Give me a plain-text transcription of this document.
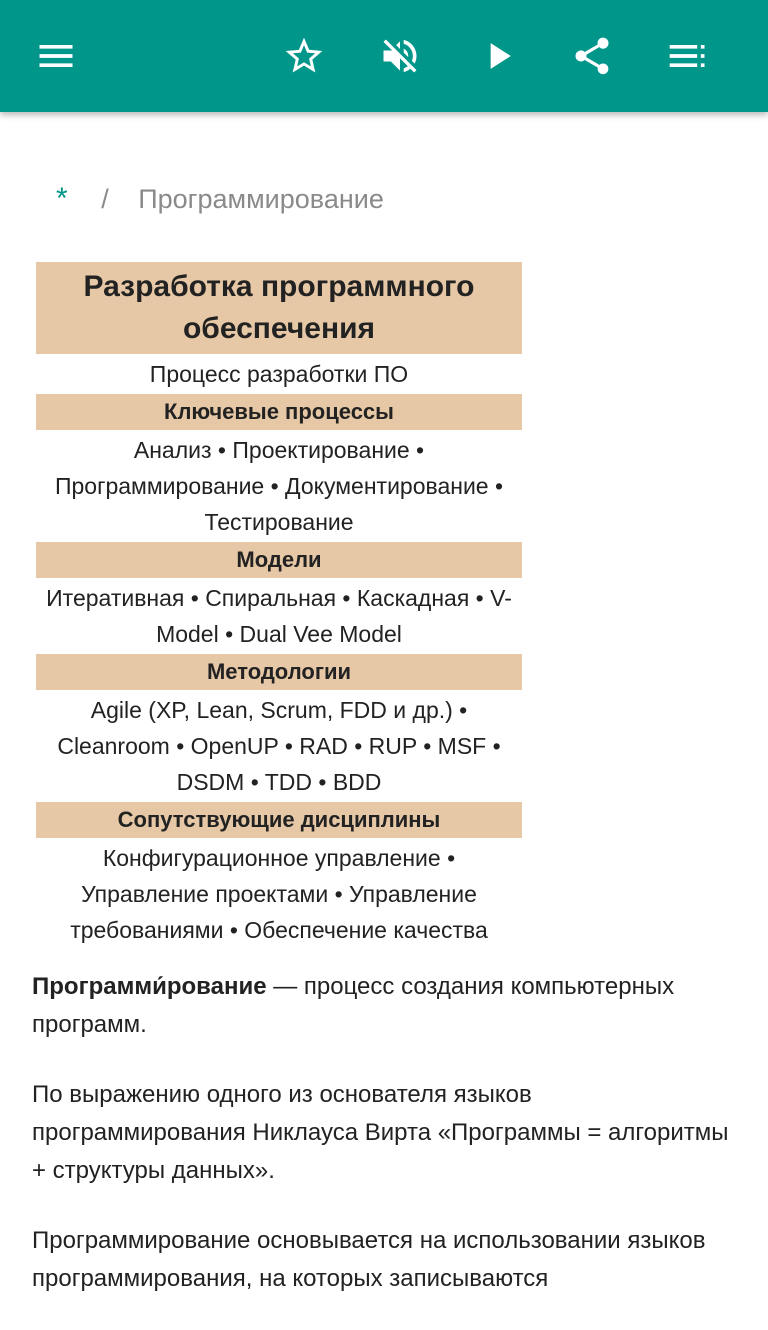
* / Программирование
Разработка программного обеспечения
Процесс разработки ПО
Ключевые процессы
Анализ • Проектирование • Программирование • Документирование • Тестирование
Модели
Итеративная • Спиральная • Каскадная • V-Model • Dual Vee Model
Методологии
Agile (XP, Lean, Scrum, FDD и др.) • Cleanroom • OpenUP • RAD • RUP • MSF • DSDM • TDD • BDD
Сопутствующие дисциплины
Конфигурационное управление • Управление проектами • Управление требованиями • Обеспечение качества

Программи́рование — процесс создания компьютерных программ.

По выражению одного из основателя языков программирования Никлауса Вирта «Программы = алгоритмы + структуры данных».

Программирование основывается на использовании языков программирования, на которых записываются
